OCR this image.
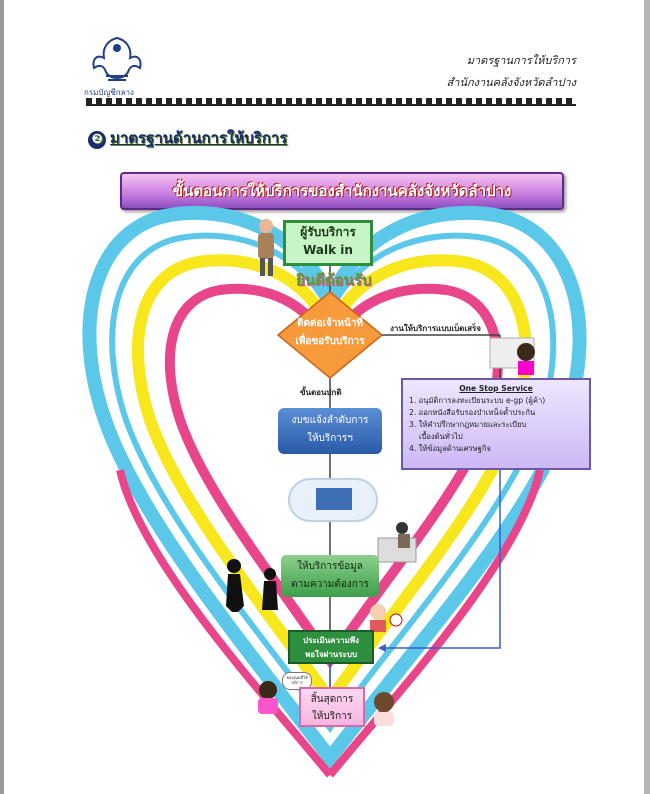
กรมบัญชีกลาง
มาตรฐานการให้บริการ
สำนักงานคลังจังหวัดลำปาง
❷ มาตรฐานด้านการให้บริการ
ขั้นตอนการให้บริการของสำนักงานคลังจังหวัดลำปาง
ผู้รับบริการ
Walk in
ยินดีต้อนรับ
ติดต่อเจ้าหน้าที่
เพื่อขอรับบริการ
งานให้บริการแบบเบ็ดเสร็จ
ขั้นตอนปกติ
งบขแจ้งลำดับการ
ให้บริการฯ
One Stop Service
1. อนุมัติการลงทะเบียนระบบ e-gp (ผู้ค้า)
2. ออกหนังสือรับรองบำเหน็จค้ำประกัน
3. ให้คำปรึกษากฎหมายและระเบียบ
เบื้องต้นทั่วไป
4. ให้ข้อมูลด้านเศรษฐกิจ
ให้บริการข้อมูล
ตามความต้องการ
ประเมินความพึง
พอใจผ่านระบบ
ขอบคุณที่ใช้ บริการ
สิ้นสุดการ
ให้บริการ
